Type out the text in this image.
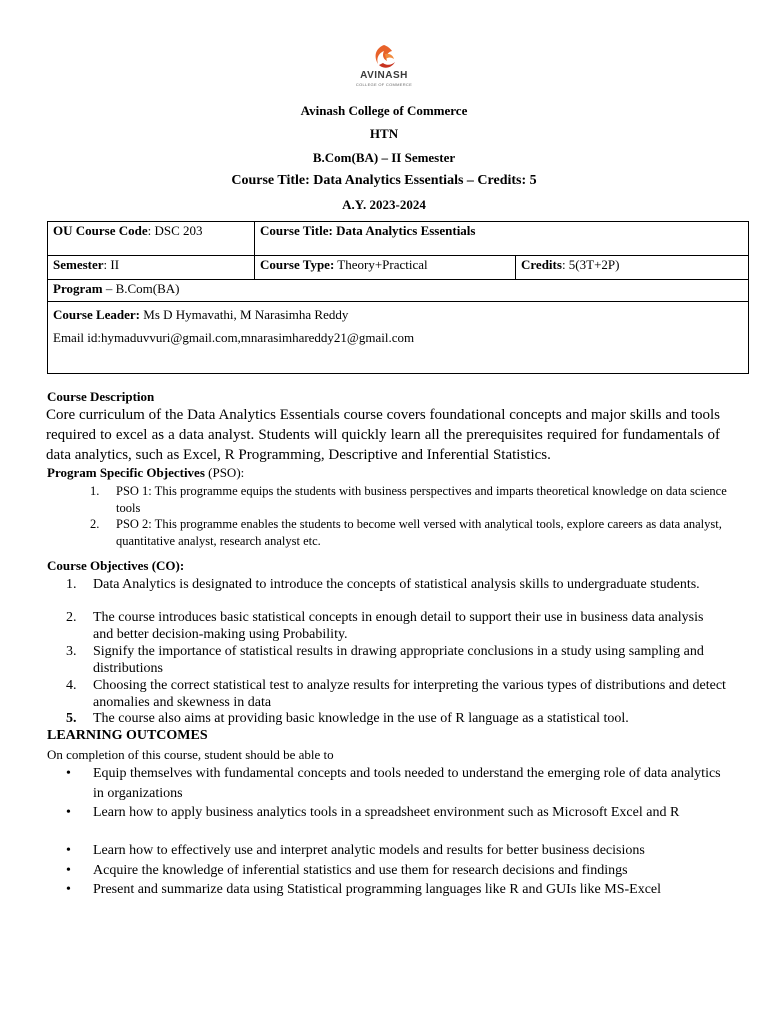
AVINASH
COLLEGE OF COMMERCE
Avinash College of Commerce
HTN
B.Com(BA) – II Semester
Course Title: Data Analytics Essentials – Credits: 5
A.Y. 2023-2024
OU Course Code: DSC 203	Course Title: Data Analytics Essentials	
Semester: II	Course Type: Theory+Practical	Credits: 5(3T+2P)
Program – B.Com(BA)		

Course Leader: Ms D Hymavathi, M Narasimha Reddy
Email id:hymaduvvuri@gmail.com,mnarasimhareddy21@gmail.com		
Course Description
Core curriculum of the Data Analytics Essentials course covers foundational concepts and major skills and tools required to excel as a data analyst. Students will quickly learn all the prerequisites required for fundamentals of data analytics, such as Excel, R Programming, Descriptive and Inferential Statistics.
Program Specific Objectives (PSO):
1. PSO 1: This programme equips the students with business perspectives and imparts theoretical knowledge on data science tools
2. PSO 2: This programme enables the students to become well versed with analytical tools, explore careers as data analyst, quantitative analyst, research analyst etc.
Course Objectives (CO):
1.	Data Analytics is designated to introduce the concepts of statistical analysis skills to undergraduate students.
2.	The course introduces basic statistical concepts in enough detail to support their use in business data analysis and better decision-making using Probability.
3.	Signify the importance of statistical results in drawing appropriate conclusions in a study using sampling and distributions
4.	Choosing the correct statistical test to analyze results for interpreting the various types of distributions and detect anomalies and skewness in data
5.	The course also aims at providing basic knowledge in the use of R language as a statistical tool.
LEARNING OUTCOMES
On completion of this course, student should be able to
• Equip themselves with fundamental concepts and tools needed to understand the emerging role of data analytics in organizations
• Learn how to apply business analytics tools in a spreadsheet environment such as Microsoft Excel and R
• Learn how to effectively use and interpret analytic models and results for better business decisions
• Acquire the knowledge of inferential statistics and use them for research decisions and findings
• Present and summarize data using Statistical programming languages like R and GUIs like MS-Excel
